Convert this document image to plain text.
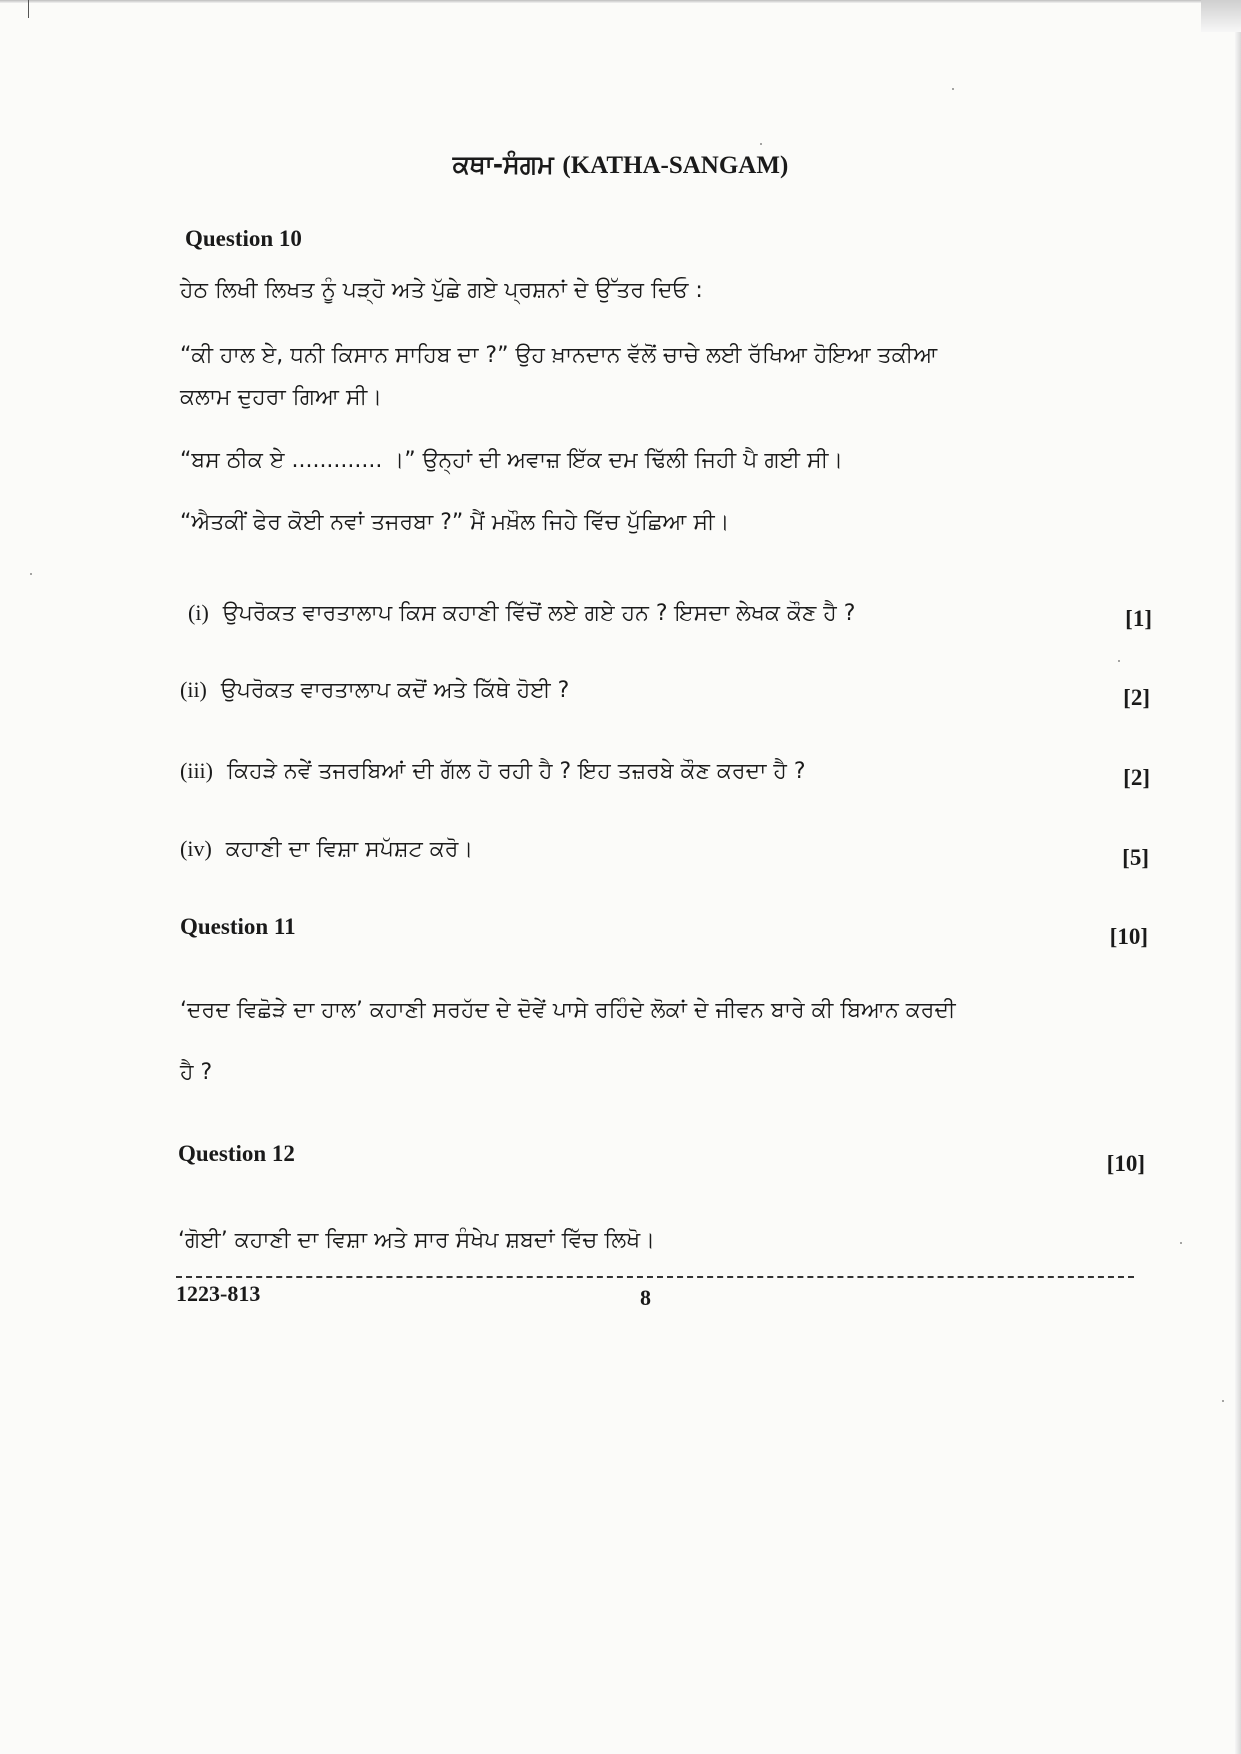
ਕਥਾ-ਸੰਗਮ (KATHA-SANGAM)
Question 10
ਹੇਠ ਲਿਖੀ ਲਿਖਤ ਨੂੰ ਪੜ੍ਹੋ ਅਤੇ ਪੁੱਛੇ ਗਏ ਪ੍ਰਸ਼ਨਾਂ ਦੇ ਉੱਤਰ ਦਿਓ :
“ਕੀ ਹਾਲ ਏ, ਧਨੀ ਕਿਸਾਨ ਸਾਹਿਬ ਦਾ ?” ਉਹ ਖ਼ਾਨਦਾਨ ਵੱਲੋਂ ਚਾਚੇ ਲਈ ਰੱਖਿਆ ਹੋਇਆ ਤਕੀਆ
ਕਲਾਮ ਦੁਹਰਾ ਗਿਆ ਸੀ।
“ਬਸ ਠੀਕ ਏ ............. ।” ਉਨ੍ਹਾਂ ਦੀ ਅਵਾਜ਼ ਇੱਕ ਦਮ ਢਿੱਲੀ ਜਿਹੀ ਪੈ ਗਈ ਸੀ।
“ਐਤਕੀਂ ਫੇਰ ਕੋਈ ਨਵਾਂ ਤਜਰਬਾ ?” ਮੈਂ ਮਖ਼ੌਲ ਜਿਹੇ ਵਿੱਚ ਪੁੱਛਿਆ ਸੀ।
(i) ਉਪਰੋਕਤ ਵਾਰਤਾਲਾਪ ਕਿਸ ਕਹਾਣੀ ਵਿੱਚੋਂ ਲਏ ਗਏ ਹਨ ? ਇਸਦਾ ਲੇਖਕ ਕੌਣ ਹੈ ?	[1]
(ii) ਉਪਰੋਕਤ ਵਾਰਤਾਲਾਪ ਕਦੋਂ ਅਤੇ ਕਿੱਥੇ ਹੋਈ ?	[2]
(iii) ਕਿਹੜੇ ਨਵੇਂ ਤਜਰਬਿਆਂ ਦੀ ਗੱਲ ਹੋ ਰਹੀ ਹੈ ? ਇਹ ਤਜ਼ਰਬੇ ਕੌਣ ਕਰਦਾ ਹੈ ?	[2]
(iv) ਕਹਾਣੀ ਦਾ ਵਿਸ਼ਾ ਸਪੱਸ਼ਟ ਕਰੋ।	[5]
Question 11	[10]
‘ਦਰਦ ਵਿਛੋੜੇ ਦਾ ਹਾਲ’ ਕਹਾਣੀ ਸਰਹੱਦ ਦੇ ਦੋਵੇਂ ਪਾਸੇ ਰਹਿੰਦੇ ਲੋਕਾਂ ਦੇ ਜੀਵਨ ਬਾਰੇ ਕੀ ਬਿਆਨ ਕਰਦੀ
ਹੈ ?
Question 12	[10]
‘ਗੋਈ’ ਕਹਾਣੀ ਦਾ ਵਿਸ਼ਾ ਅਤੇ ਸਾਰ ਸੰਖੇਪ ਸ਼ਬਦਾਂ ਵਿੱਚ ਲਿਖੋ।
1223-813	8
